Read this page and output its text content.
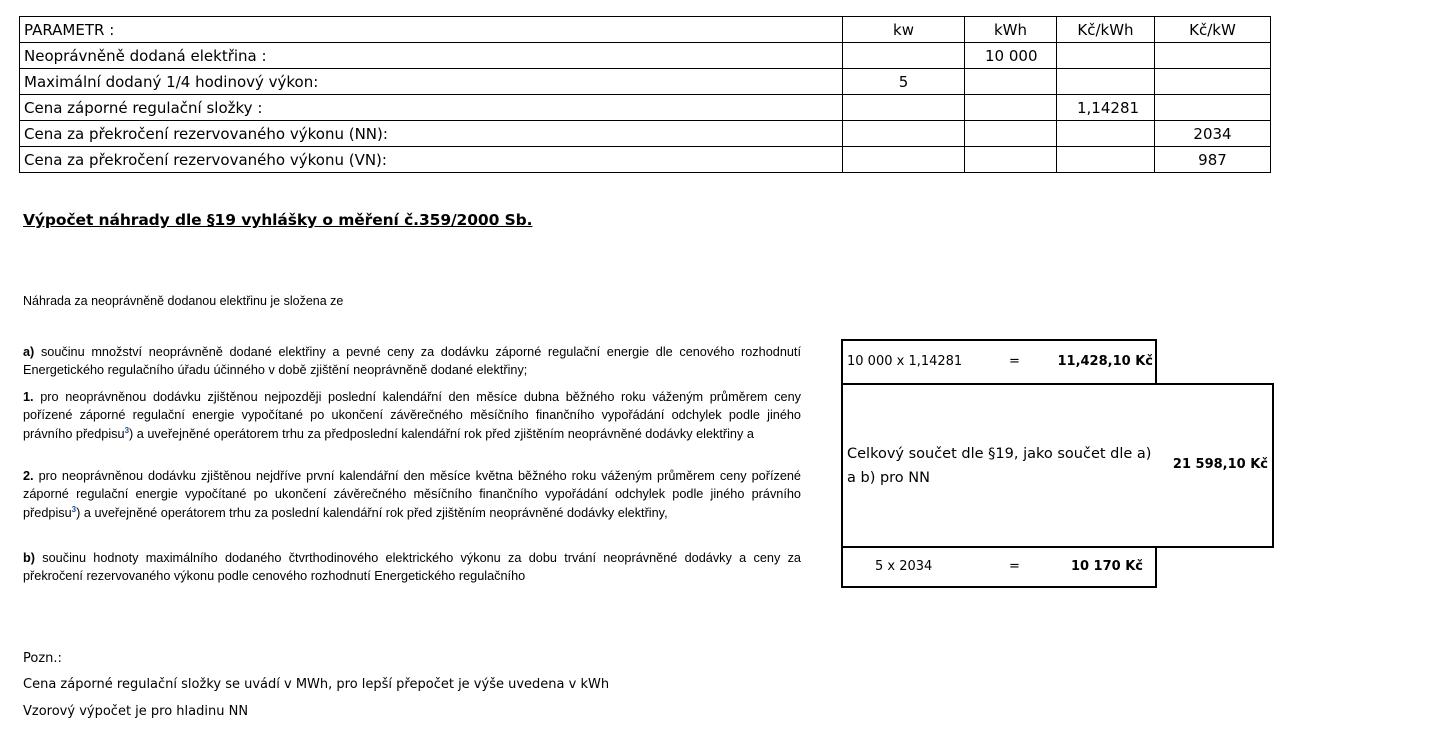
PARAMETR :	kw	kWh	Kč/kWh	Kč/kW
Neoprávněně dodaná elektřina :		10 000		
Maximální dodaný 1/4 hodinový výkon:	5			
Cena záporné regulační složky :			1,14281	
Cena za překročení rezervovaného výkonu (NN):				2034
Cena za překročení rezervovaného výkonu (VN):				987
Výpočet náhrady dle §19 vyhlášky o měření č.359/2000 Sb.
Náhrada za neoprávněně dodanou elektřinu je složena ze
a) součinu množství neoprávněně dodané elektřiny a pevné ceny za dodávku záporné regulační energie dle cenového rozhodnutí Energetického regulačního úřadu účinného v době zjištění neoprávněně dodané elektřiny;
1. pro neoprávněnou dodávku zjištěnou nejpozději poslední kalendářní den měsíce dubna běžného roku váženým průměrem ceny pořízené záporné regulační energie vypočítané po ukončení závěrečného měsíčního finančního vypořádání odchylek podle jiného právního předpisu$^3$) a uveřejněné operátorem trhu za předposlední kalendářní rok před zjištěním neoprávněné dodávky elektřiny a
2. pro neoprávněnou dodávku zjištěnou nejdříve první kalendářní den měsíce května běžného roku váženým průměrem ceny pořízené záporné regulační energie vypočítané po ukončení závěrečného měsíčního finančního vypořádání odchylek podle jiného právního předpisu$^3$) a uveřejněné operátorem trhu za poslední kalendářní rok před zjištěním neoprávněné dodávky elektřiny,
b) součinu hodnoty maximálního dodaného čtvrthodinového elektrického výkonu za dobu trvání neoprávněné dodávky a ceny za překročení rezervovaného výkonu podle cenového rozhodnutí Energetického regulačního
10 000 x 1,14281	=	11,428,10 Kč
Celkový součet dle §19, jako součet dle a) a b) pro NN
21 598,10 Kč
5 x 2034	=	10 170 Kč
Pozn.:
Cena záporné regulační složky se uvádí v MWh, pro lepší přepočet je výše uvedena v kWh
Vzorový výpočet je pro hladinu NN
